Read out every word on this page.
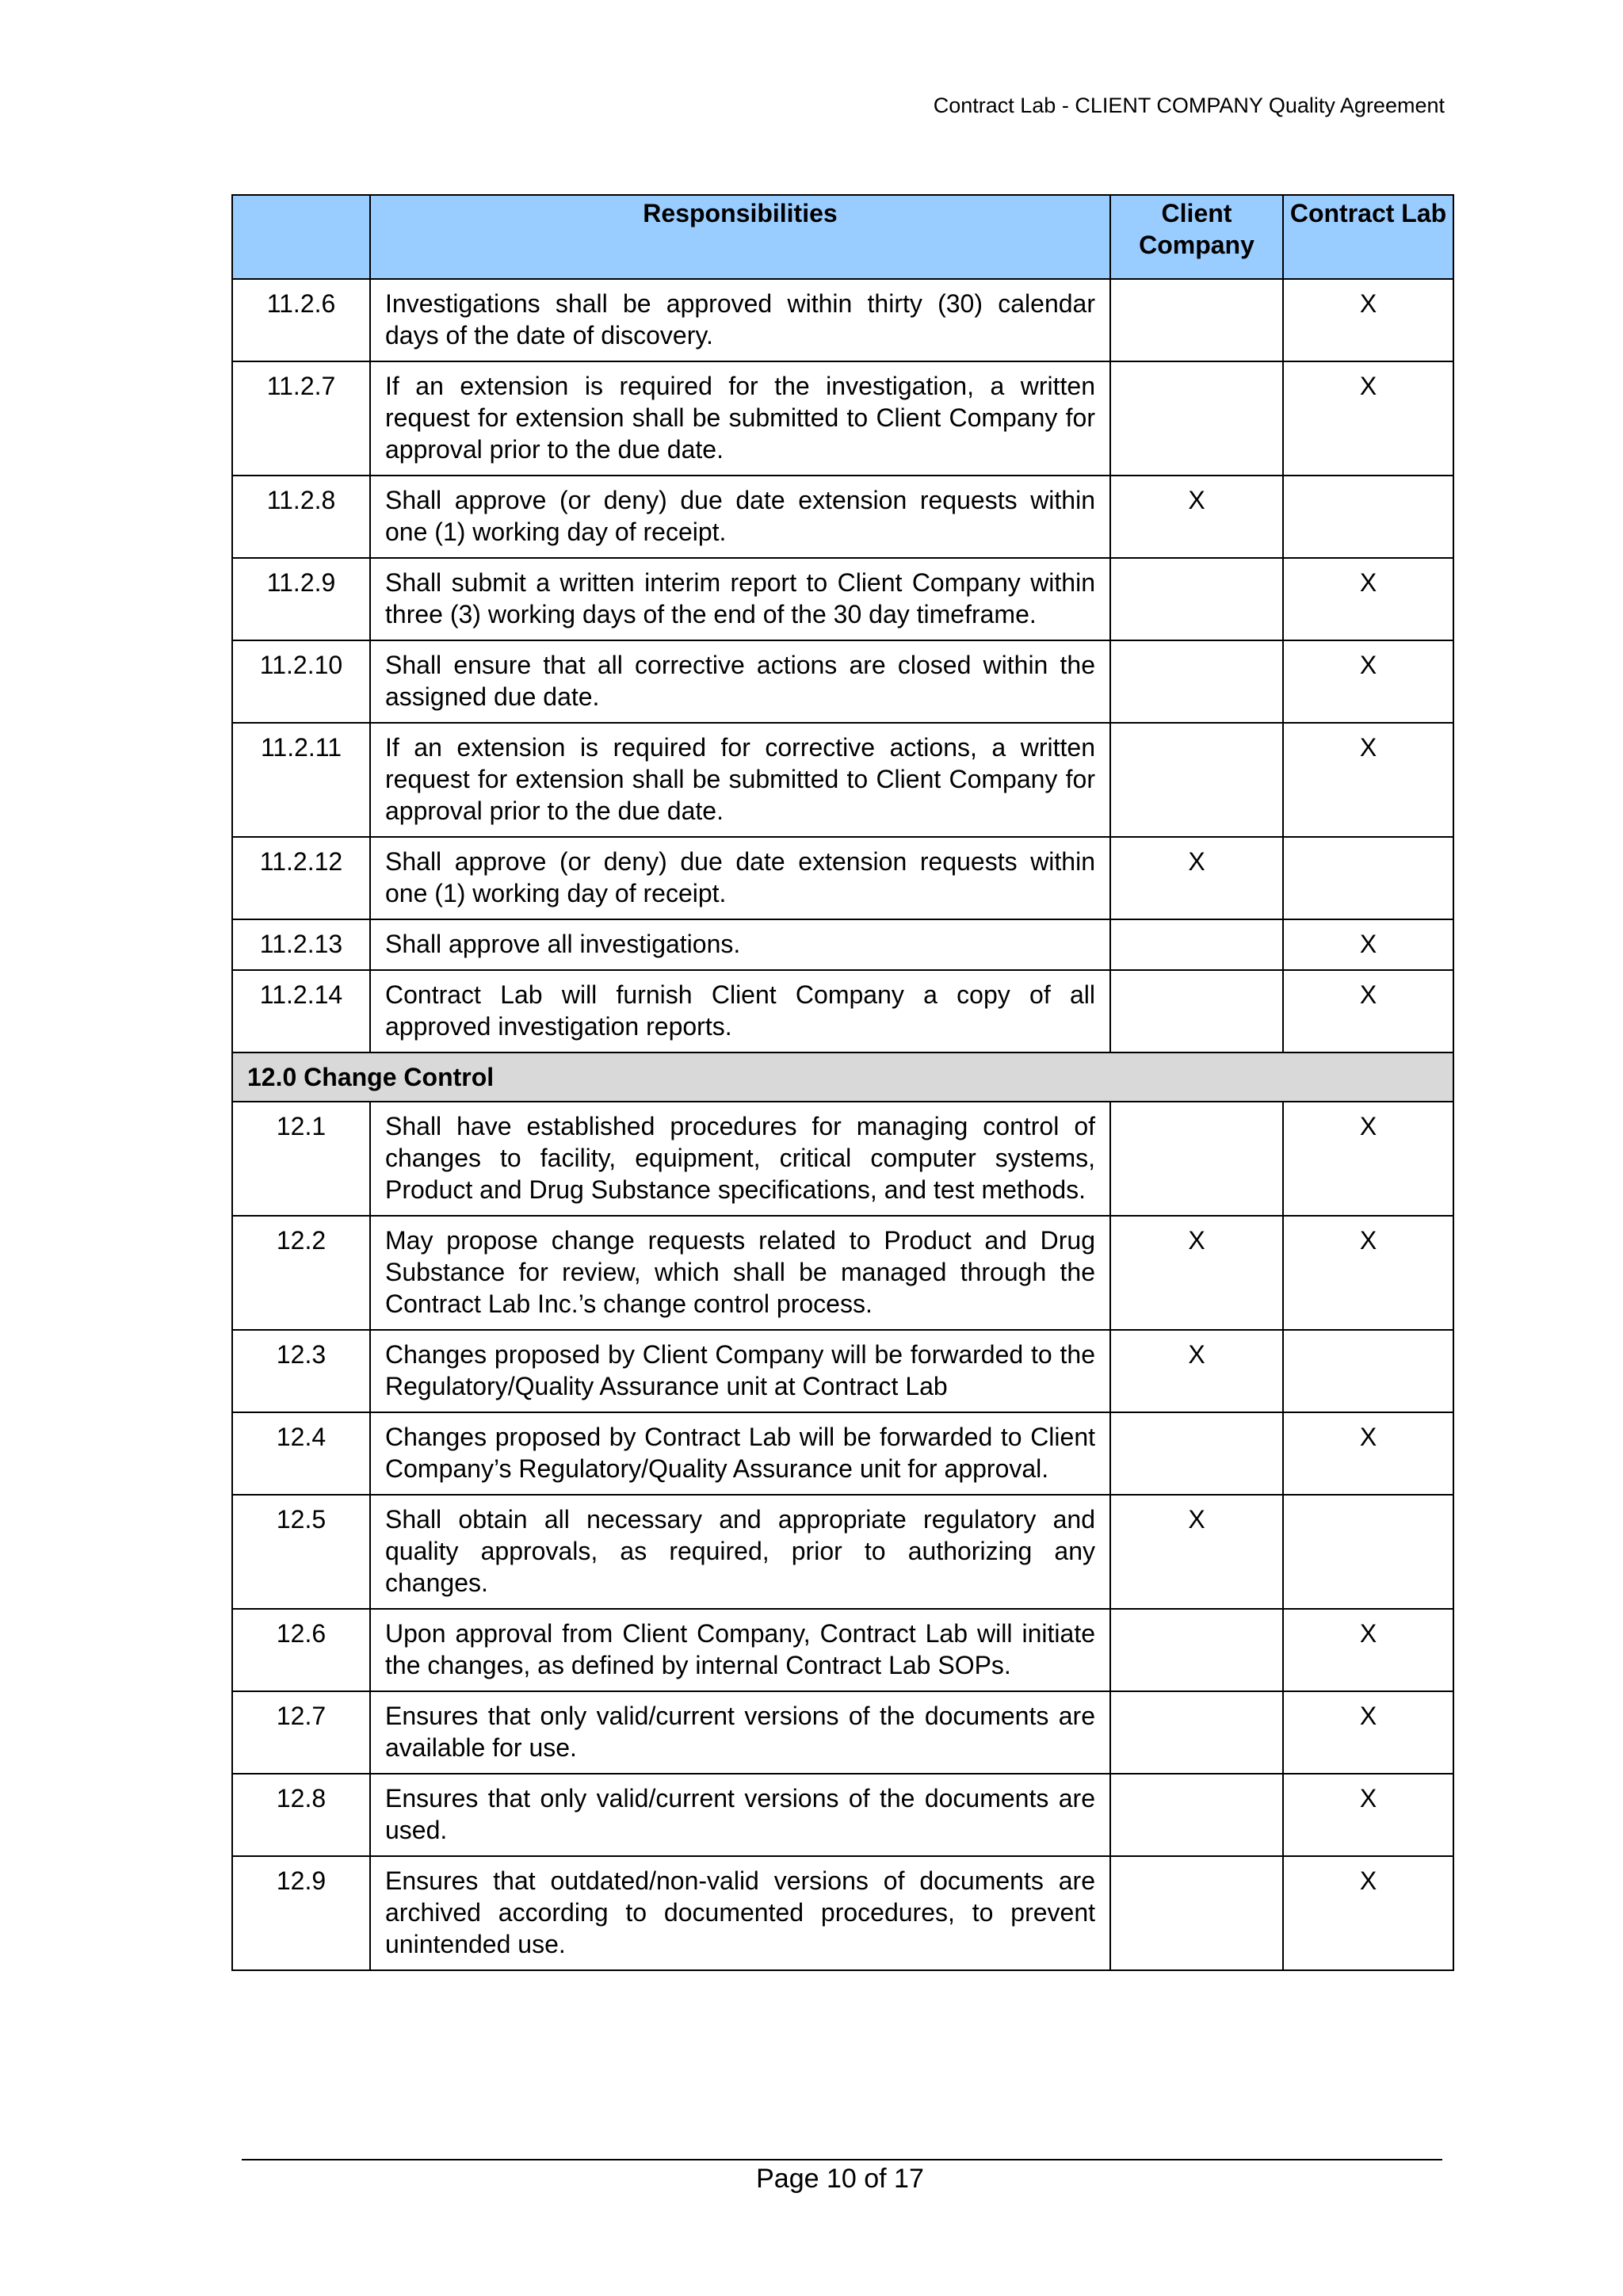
Contract Lab - CLIENT COMPANY Quality Agreement
	Responsibilities	Client Company	Contract Lab
11.2.6	Investigations shall be approved within thirty (30) calendar days of the date of discovery.		X
11.2.7	If an extension is required for the investigation, a written request for extension shall be submitted to Client Company for approval prior to the due date.		X
11.2.8	Shall approve (or deny) due date extension requests within one (1) working day of receipt.	X	
11.2.9	Shall submit a written interim report to Client Company within three (3) working days of the end of the 30 day timeframe.		X
11.2.10	Shall ensure that all corrective actions are closed within the assigned due date.		X
11.2.11	If an extension is required for corrective actions, a written request for extension shall be submitted to Client Company for approval prior to the due date.		X
11.2.12	Shall approve (or deny) due date extension requests within one (1) working day of receipt.	X	
11.2.13	Shall approve all investigations.		X
11.2.14	Contract Lab will furnish Client Company a copy of all approved investigation reports.		X
12.0 Change Control			
12.1	Shall have established procedures for managing control of changes to facility, equipment, critical computer systems, Product and Drug Substance specifications, and test methods.		X
12.2	May propose change requests related to Product and Drug Substance for review, which shall be managed through the Contract Lab Inc.’s change control process.	X	X
12.3	Changes proposed by Client Company will be forwarded to the Regulatory/Quality Assurance unit at Contract Lab	X	
12.4	Changes proposed by Contract Lab will be forwarded to Client Company’s Regulatory/Quality Assurance unit for approval.		X
12.5	Shall obtain all necessary and appropriate regulatory and quality approvals, as required, prior to authorizing any changes.	X	
12.6	Upon approval from Client Company, Contract Lab will initiate the changes, as defined by internal Contract Lab SOPs.		X
12.7	Ensures that only valid/current versions of the documents are available for use.		X
12.8	Ensures that only valid/current versions of the documents are used.		X
12.9	Ensures that outdated/non-valid versions of documents are archived according to documented procedures, to prevent unintended use.		X
Page 10 of 17
